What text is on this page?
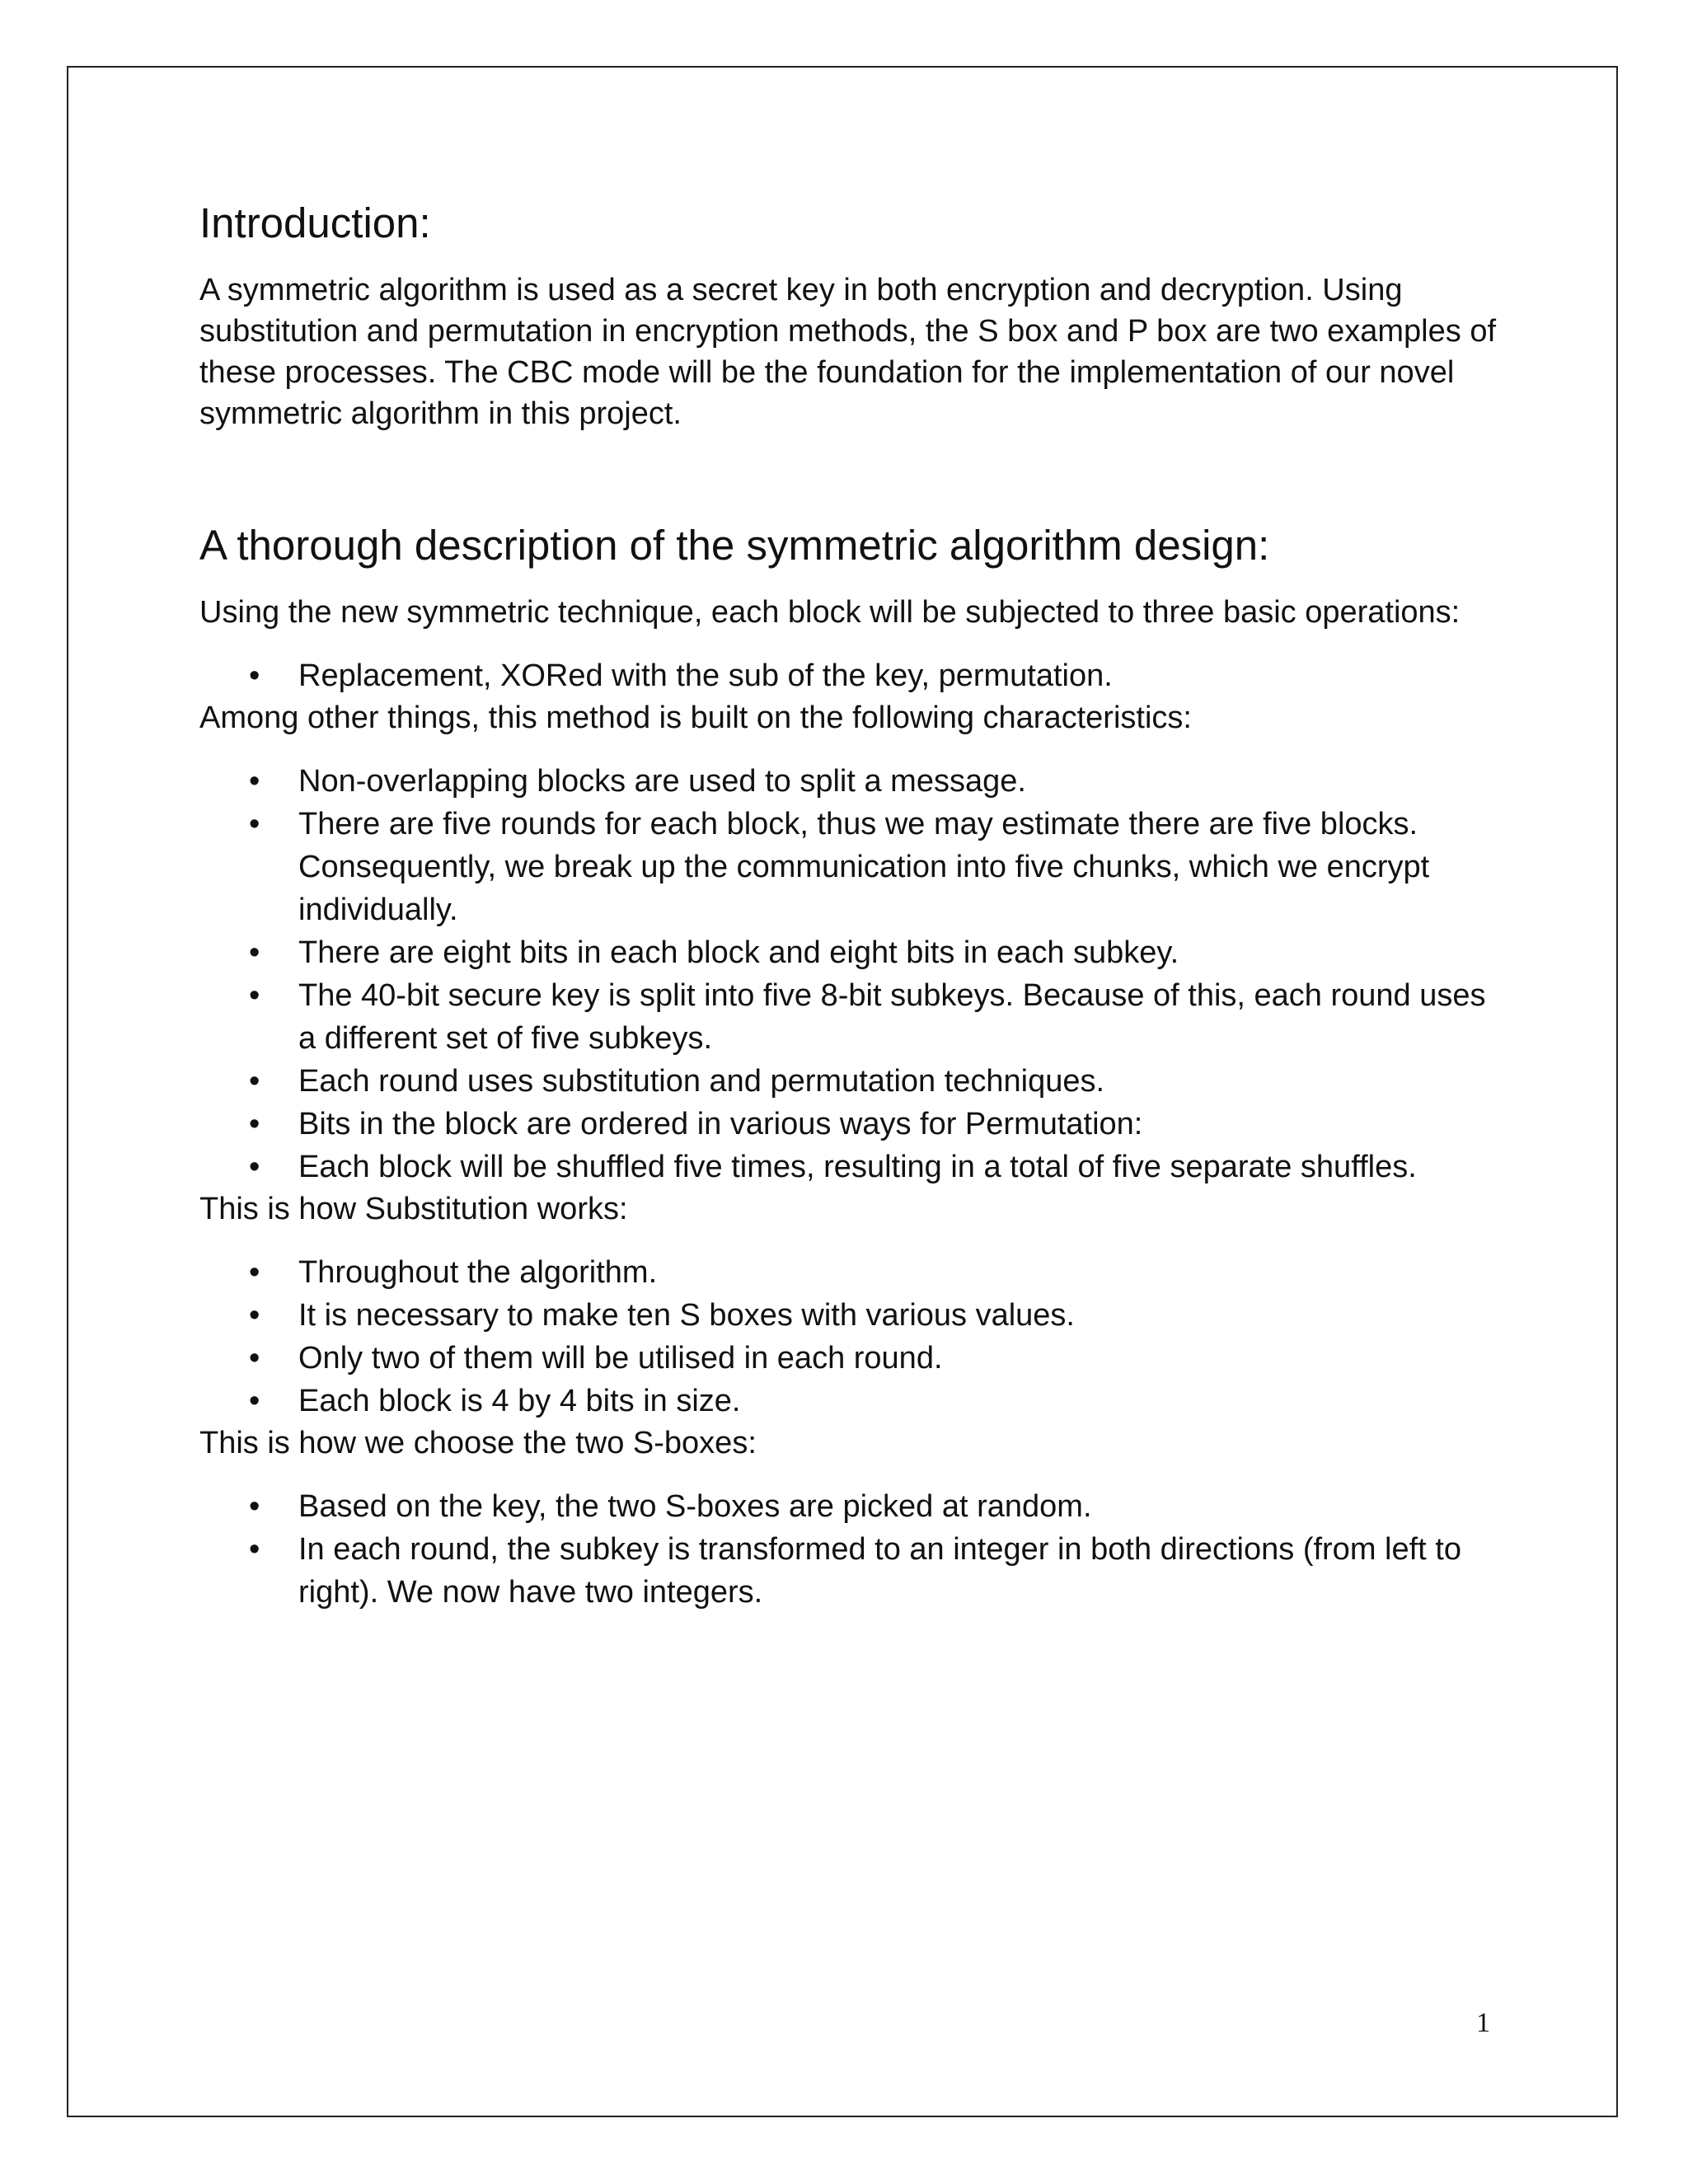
Introduction:

A symmetric algorithm is used as a secret key in both encryption and decryption. Using substitution and permutation in encryption methods, the S box and P box are two examples of these processes. The CBC mode will be the foundation for the implementation of our novel symmetric algorithm in this project.

A thorough description of the symmetric algorithm design:

Using the new symmetric technique, each block will be subjected to three basic operations:

•	Replacement, XORed with the sub of the key, permutation.

Among other things, this method is built on the following characteristics:

•	Non-overlapping blocks are used to split a message.
•	There are five rounds for each block, thus we may estimate there are five blocks. Consequently, we break up the communication into five chunks, which we encrypt individually.
•	There are eight bits in each block and eight bits in each subkey.
•	The 40-bit secure key is split into five 8-bit subkeys. Because of this, each round uses a different set of five subkeys.
•	Each round uses substitution and permutation techniques.
•	Bits in the block are ordered in various ways for Permutation:
•	Each block will be shuffled five times, resulting in a total of five separate shuffles.

This is how Substitution works:

•	Throughout the algorithm.
•	It is necessary to make ten S boxes with various values.
•	Only two of them will be utilised in each round.
•	Each block is 4 by 4 bits in size.

This is how we choose the two S-boxes:

•	Based on the key, the two S-boxes are picked at random.
•	In each round, the subkey is transformed to an integer in both directions (from left to right). We now have two integers.
1
